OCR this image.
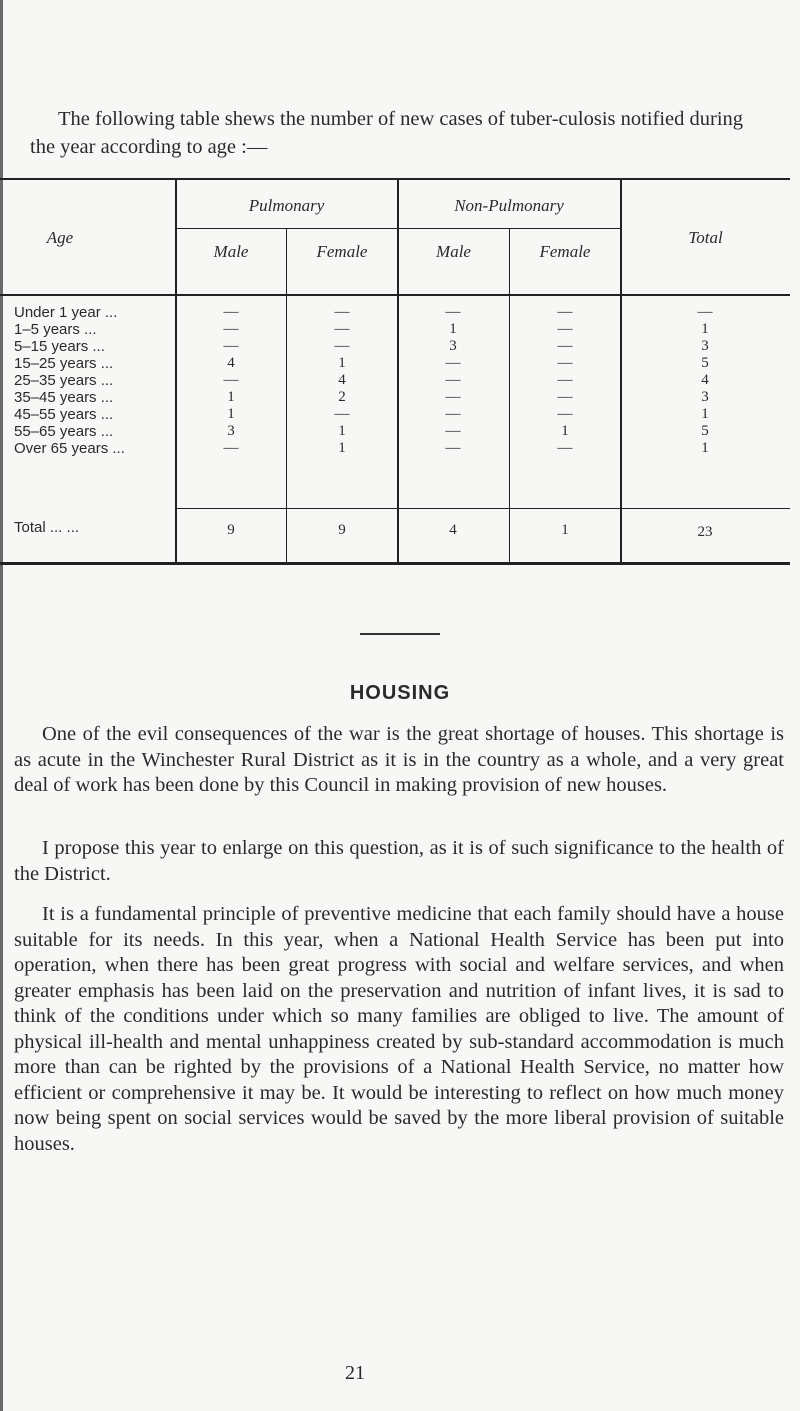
The following table shews the number of new cases of tuber-culosis notified during the year according to age :—

Age
Pulmonary	Non-Pulmonary
Total
Male	Female	Male	Female
Under 1 year ...	—	—	—	—	—
1–5 years ...	—	—	1	—	1
5–15 years ...	—	—	3	—	3
15–25 years ...	4	1	—	—	5
25–35 years ...	—	4	—	—	4
35–45 years ...	1	2	—	—	3
45–55 years ...	1	—	—	—	1
55–65 years ...	3	1	—	1	5
Over 65 years ...	—	1	—	—	1
Total ... ...	9	9	4	1	23
HOUSING

One of the evil consequences of the war is the great shortage of houses. This shortage is as acute in the Winchester Rural District as it is in the country as a whole, and a very great deal of work has been done by this Council in making provision of new houses.

I propose this year to enlarge on this question, as it is of such significance to the health of the District.

It is a fundamental principle of preventive medicine that each family should have a house suitable for its needs. In this year, when a National Health Service has been put into operation, when there has been great progress with social and welfare services, and when greater emphasis has been laid on the preservation and nutrition of infant lives, it is sad to think of the conditions under which so many families are obliged to live. The amount of physical ill-health and mental unhappiness created by sub-standard accommodation is much more than can be righted by the provisions of a National Health Service, no matter how efficient or comprehensive it may be. It would be interesting to reflect on how much money now being spent on social services would be saved by the more liberal provision of suitable houses.

21
